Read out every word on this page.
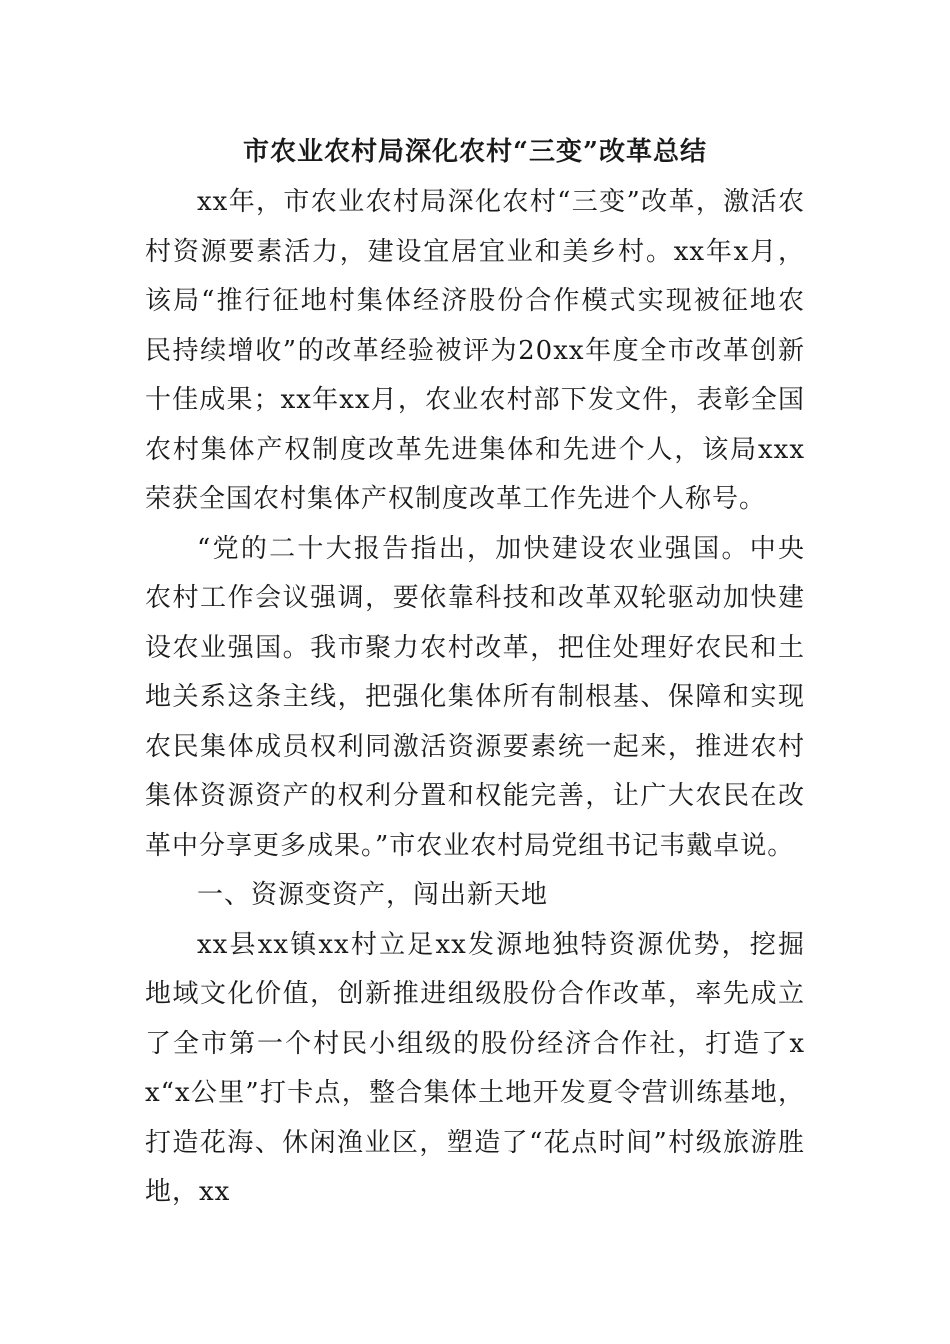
市农业农村局深化农村“三变”改革总结

xx年，市农业农村局深化农村“三变”改革，激活农村资源要素活力，建设宜居宜业和美乡村。xx年x月，该局“推行征地村集体经济股份合作模式实现被征地农民持续增收”的改革经验被评为20xx年度全市改革创新十佳成果；xx年xx月，农业农村部下发文件，表彰全国农村集体产权制度改革先进集体和先进个人，该局xxx荣获全国农村集体产权制度改革工作先进个人称号。

“党的二十大报告指出，加快建设农业强国。中央农村工作会议强调，要依靠科技和改革双轮驱动加快建设农业强国。我市聚力农村改革，把住处理好农民和土地关系这条主线，把强化集体所有制根基、保障和实现农民集体成员权利同激活资源要素统一起来，推进农村集体资源资产的权利分置和权能完善，让广大农民在改革中分享更多成果。”市农业农村局党组书记韦戴卓说。

一、资源变资产，闯出新天地

xx县xx镇xx村立足xx发源地独特资源优势，挖掘地域文化价值，创新推进组级股份合作改革，率先成立了全市第一个村民小组级的股份经济合作社，打造了xx“x公里”打卡点，整合集体土地开发夏令营训练基地，打造花海、休闲渔业区，塑造了“花点时间”村级旅游胜地，xx
